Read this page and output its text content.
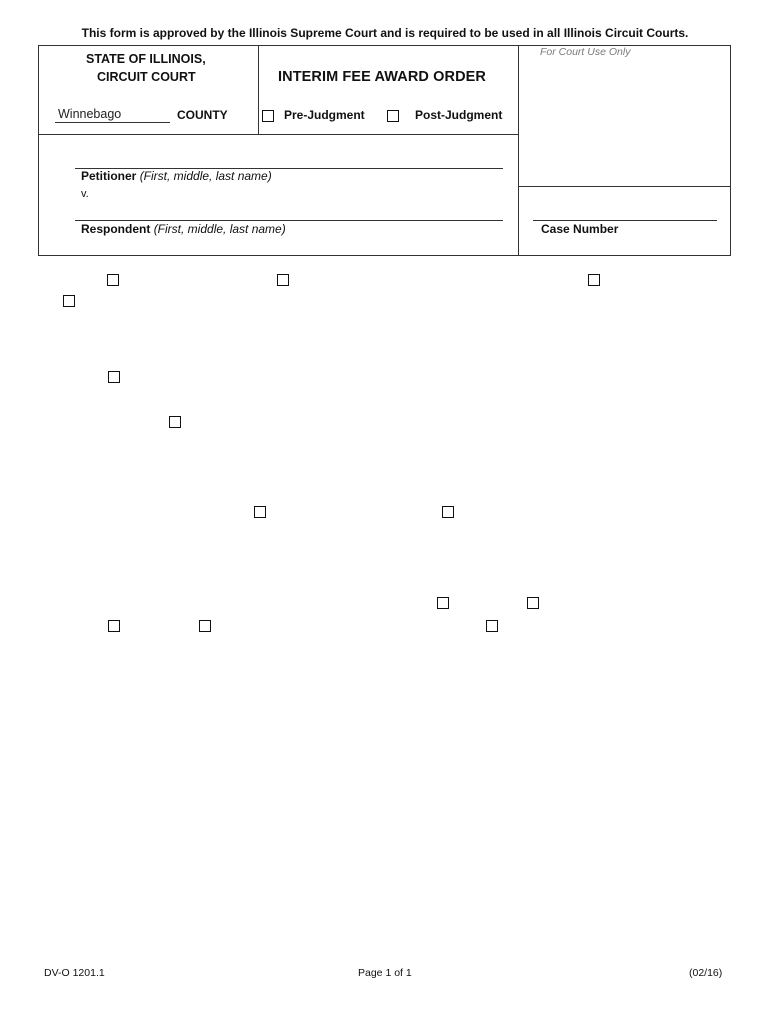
This form is approved by the Illinois Supreme Court and is required to be used in all Illinois Circuit Courts.
STATE OF ILLINOIS,
CIRCUIT COURT	INTERIM FEE AWARD ORDER
For Court Use Only
Winnebago	COUNTY	Pre-Judgment	Post-Judgment
Petitioner (First, middle, last name)
v.
Respondent (First, middle, last name)	Case Number
DV-O 1201.1	Page 1 of 1	(02/16)
